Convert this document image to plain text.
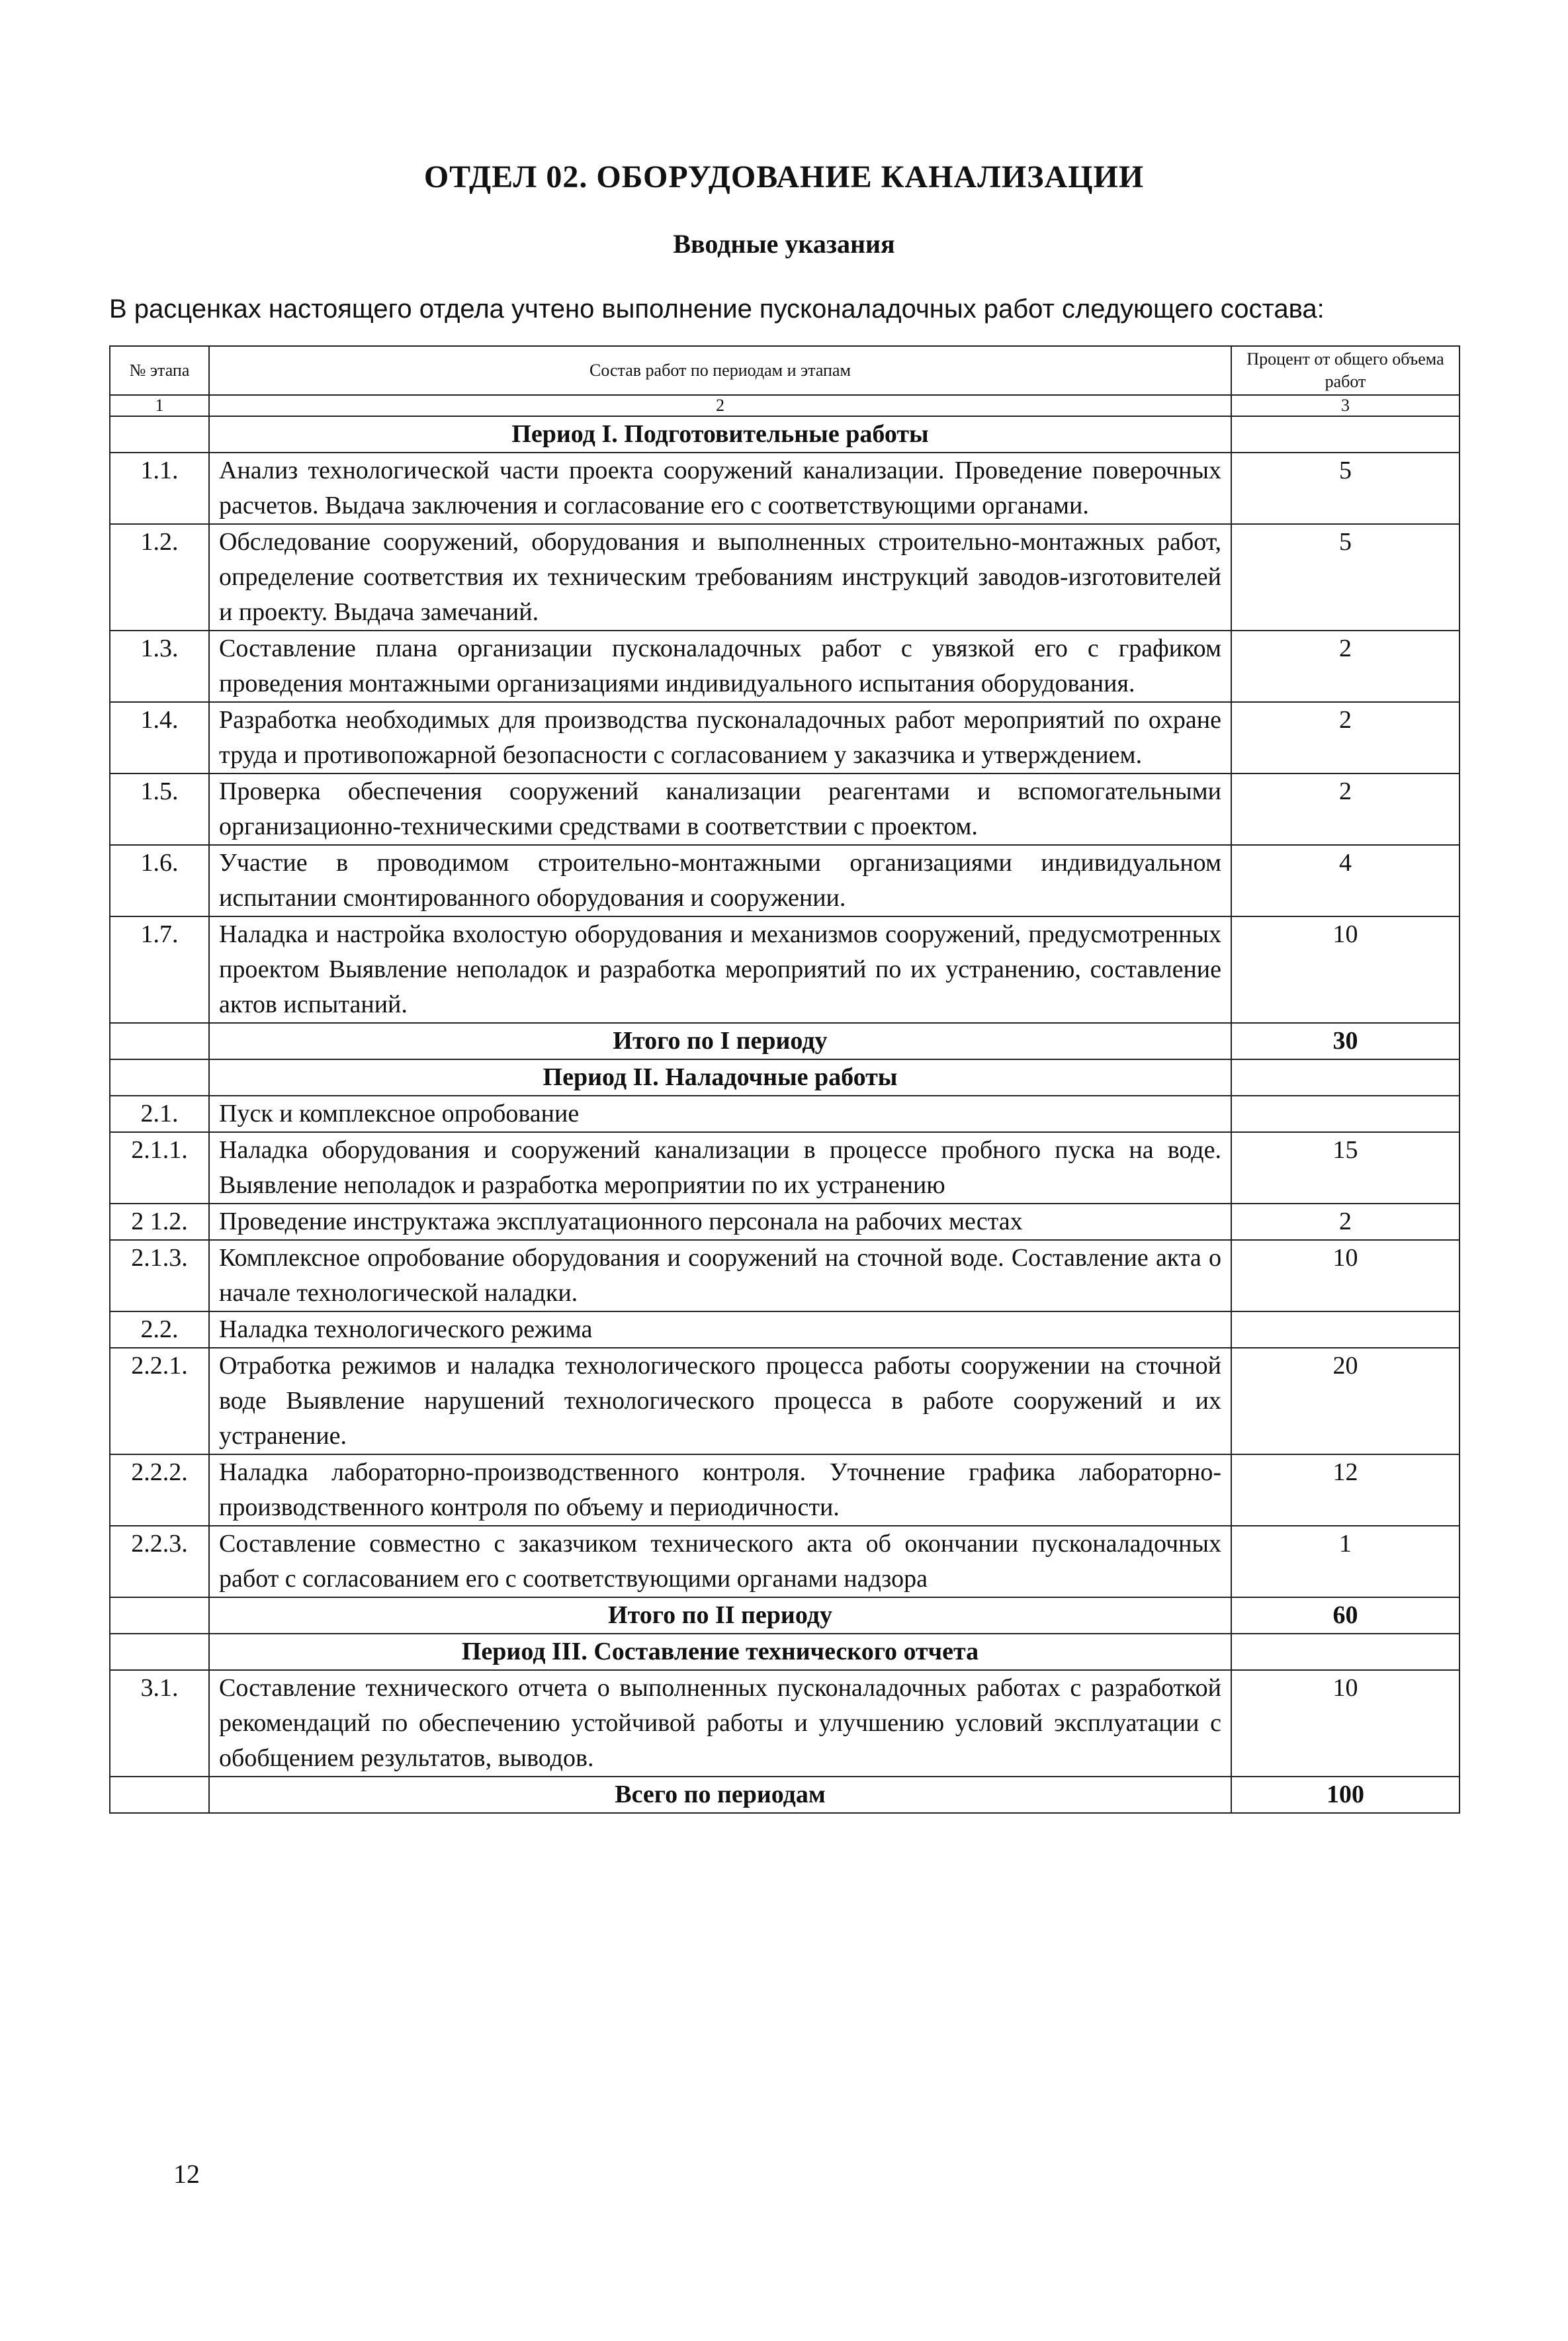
ОТДЕЛ 02. ОБОРУДОВАНИЕ КАНАЛИЗАЦИИ
Вводные указания
В расценках настоящего отдела учтено выполнение пусконаладочных работ следующего состава:
№ этапа	Состав работ по периодам и этапам	Процент от общего объема работ
1	2	3
	Период I. Подготовительные работы	
1.1.	Анализ технологической части проекта сооружений канализации. Проведение поверочных расчетов. Выдача заключения и согласование его с соответствующими органами.	5
1.2.	Обследование сооружений, оборудования и выполненных строительно-монтажных работ, определение соответствия их техническим требованиям инструкций заводов-изготовителей и проекту. Выдача замечаний.	5
1.3.	Составление плана организации пусконаладочных работ с увязкой его с графиком проведения монтажными организациями индивидуального испытания оборудования.	2
1.4.	Разработка необходимых для производства пусконаладочных работ мероприятий по охране труда и противопожарной безопасности с согласованием у заказчика и утверждением.	2
1.5.	Проверка обеспечения сооружений канализации реагентами и вспомогательными организационно-техническими средствами в соответствии с проектом.	2
1.6.	Участие в проводимом строительно-монтажными организациями индивидуальном испытании смонтированного оборудования и сооружении.	4
1.7.	Наладка и настройка вхолостую оборудования и механизмов сооружений, предусмотренных проектом Выявление неполадок и разработка мероприятий по их устранению, составление актов испытаний.	10
	Итого по I периоду	30
	Период II. Наладочные работы	
2.1.	Пуск и комплексное опробование	
2.1.1.	Наладка оборудования и сооружений канализации в процессе пробного пуска на воде. Выявление неполадок и разработка мероприятии по их устранению	15
2 1.2.	Проведение инструктажа эксплуатационного персонала на рабочих местах	2
2.1.3.	Комплексное опробование оборудования и сооружений на сточной воде. Составление акта о начале технологической наладки.	10
2.2.	Наладка технологического режима	
2.2.1.	Отработка режимов и наладка технологического процесса работы сооружении на сточной воде Выявление нарушений технологического процесса в работе сооружений и их устранение.	20
2.2.2.	Наладка лабораторно-производственного контроля. Уточнение графика лабораторно-производственного контроля по объему и периодичности.	12
2.2.3.	Составление совместно с заказчиком технического акта об окончании пусконаладочных работ с согласованием его с соответствующими органами надзора	1
	Итого по II периоду	60
	Период III. Составление технического отчета	
3.1.	Составление технического отчета о выполненных пусконаладочных работах с разработкой рекомендаций по обеспечению устойчивой работы и улучшению условий эксплуатации с обобщением результатов, выводов.	10
	Всего по периодам	100
12
